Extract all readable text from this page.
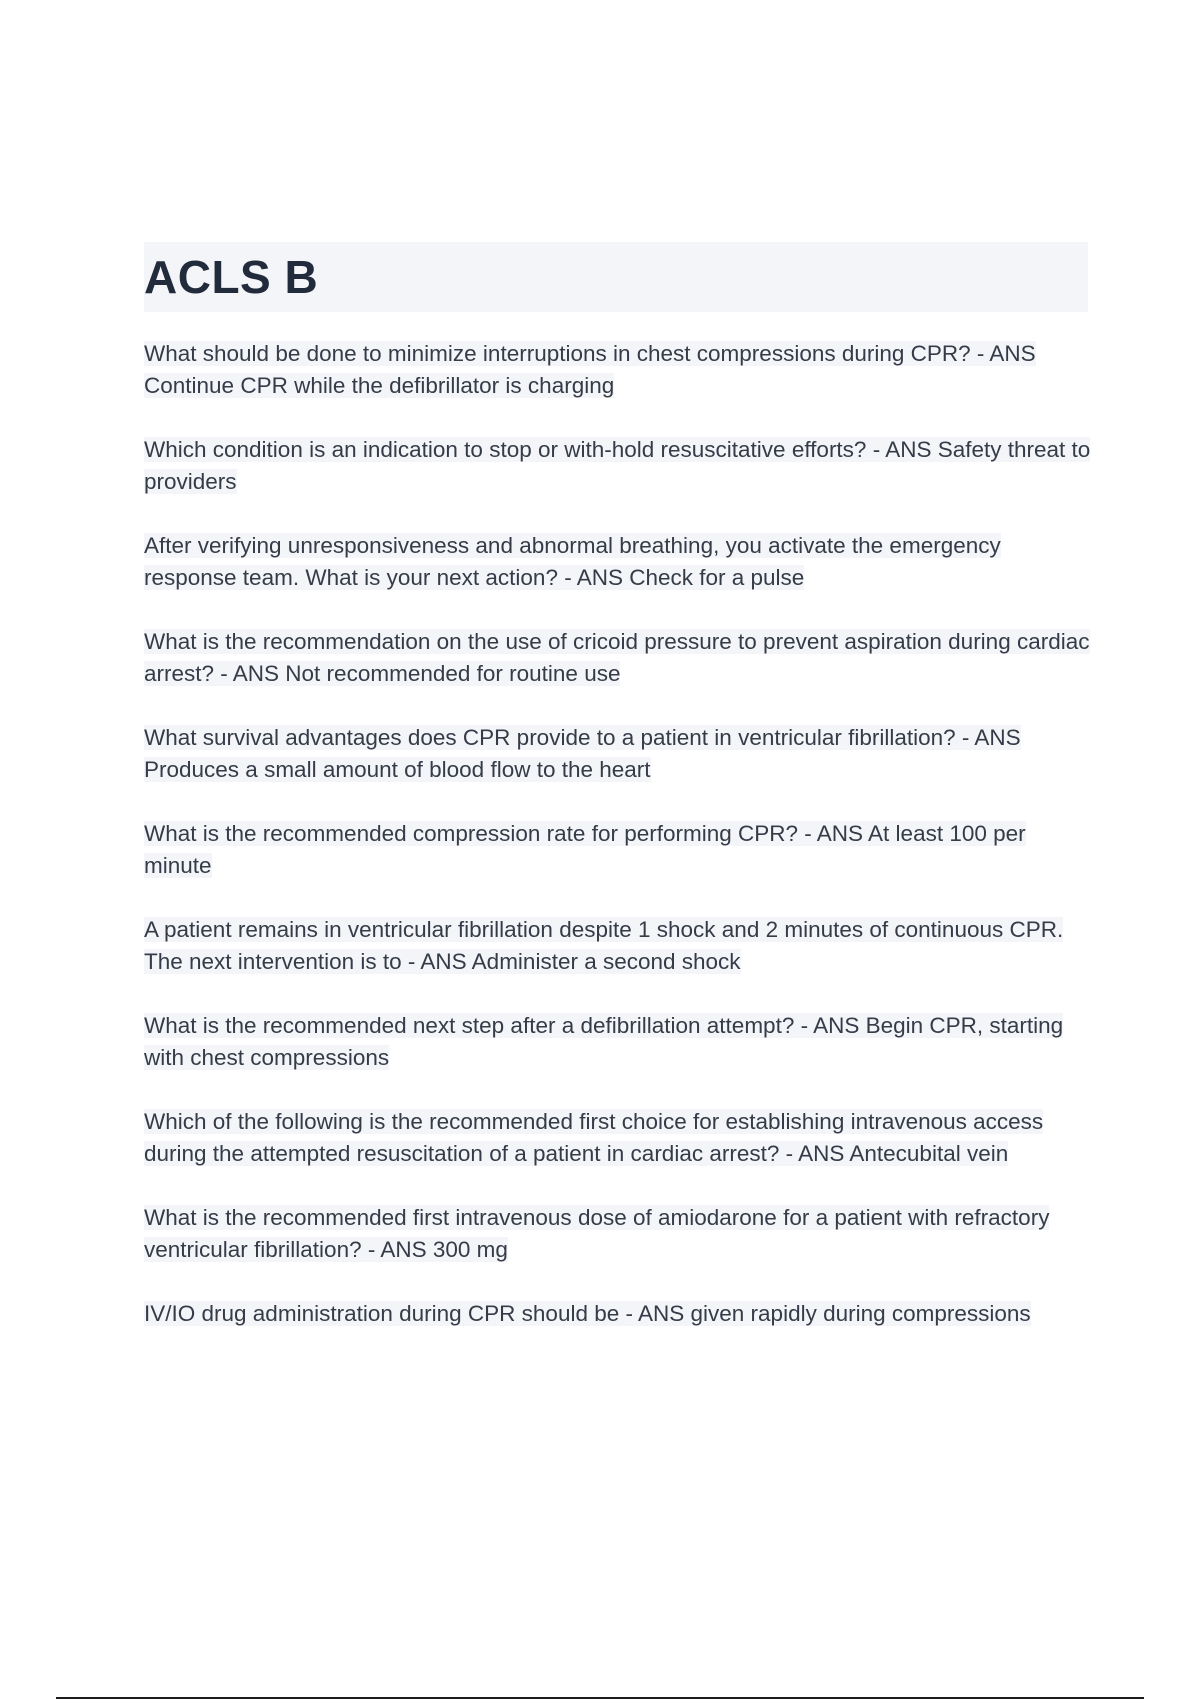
ACLS B

What should be done to minimize interruptions in chest compressions during CPR? - ANS Continue CPR while the defibrillator is charging

Which condition is an indication to stop or with-hold resuscitative efforts? - ANS Safety threat to providers

After verifying unresponsiveness and abnormal breathing, you activate the emergency response team. What is your next action? - ANS Check for a pulse

What is the recommendation on the use of cricoid pressure to prevent aspiration during cardiac arrest? - ANS Not recommended for routine use

What survival advantages does CPR provide to a patient in ventricular fibrillation? - ANS Produces a small amount of blood flow to the heart

What is the recommended compression rate for performing CPR? - ANS At least 100 per minute

A patient remains in ventricular fibrillation despite 1 shock and 2 minutes of continuous CPR. The next intervention is to - ANS Administer a second shock

What is the recommended next step after a defibrillation attempt? - ANS Begin CPR, starting with chest compressions

Which of the following is the recommended first choice for establishing intravenous access during the attempted resuscitation of a patient in cardiac arrest? - ANS Antecubital vein

What is the recommended first intravenous dose of amiodarone for a patient with refractory ventricular fibrillation? - ANS 300 mg

IV/IO drug administration during CPR should be - ANS given rapidly during compressions
